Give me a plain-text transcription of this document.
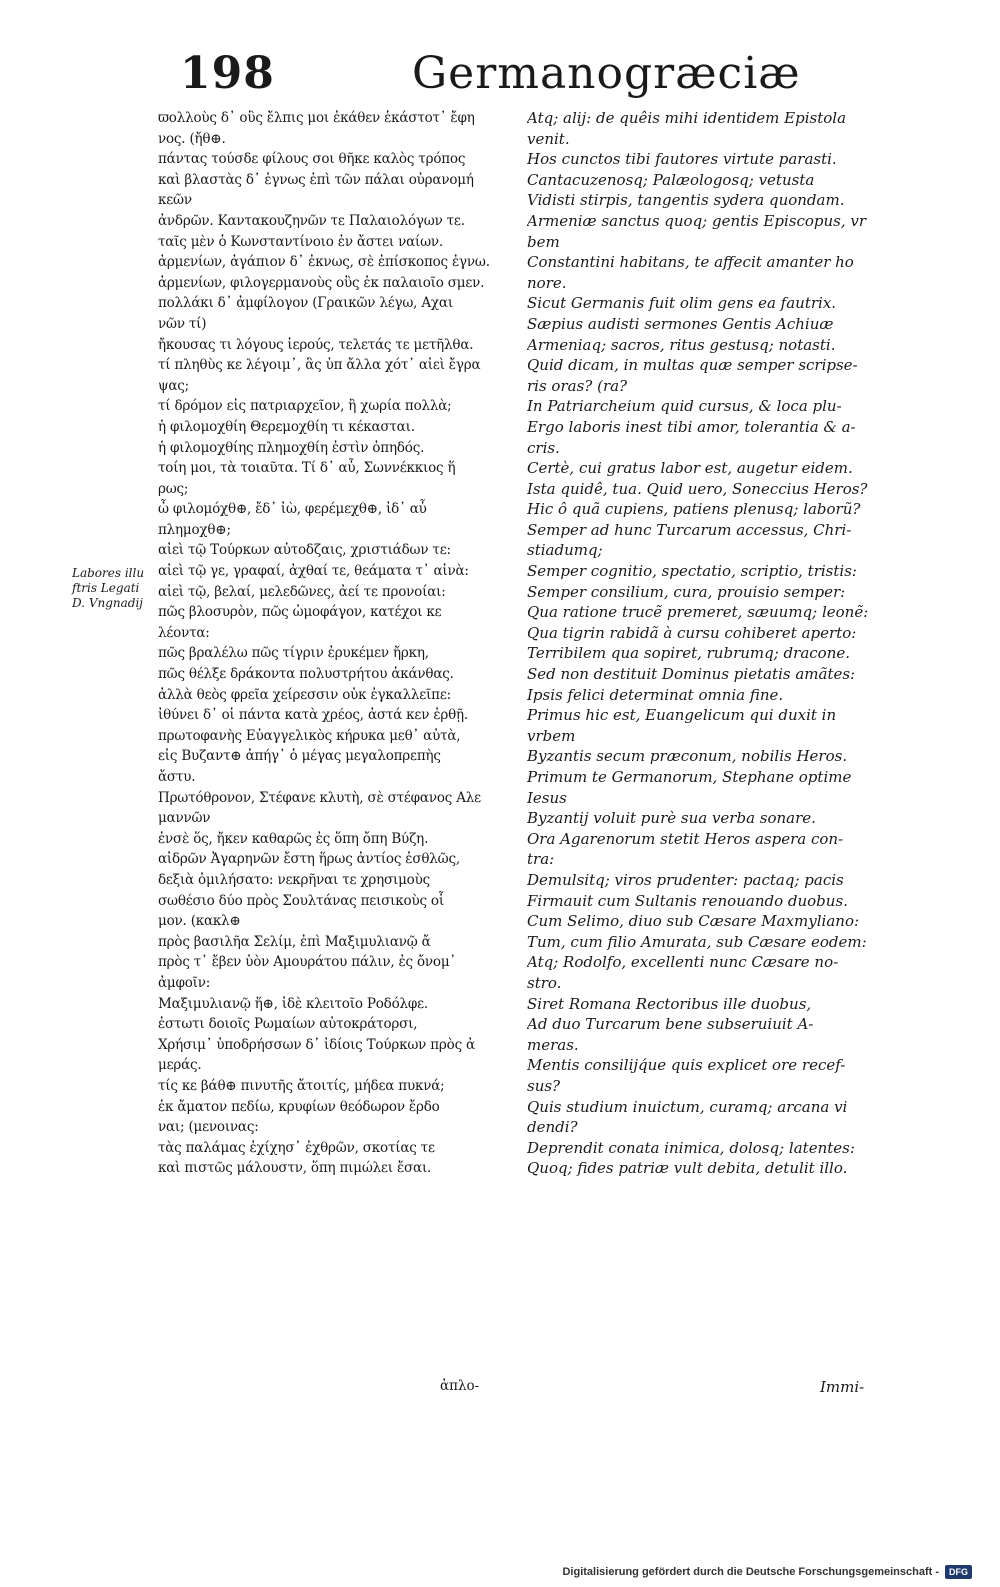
198	Germanogræciæ
Labores illu
ftris Legati
D. Vngnadij
ϖολλοὺς δ᾽ οὓς ἔλπις μοι ἐκάθεν ἑκάστοτ᾽ ἔφη
νος. (ἤθ⊕.
πάντας τούσδε φίλους σοι θῆκε καλὸς τρόπος
καὶ βλαστὰς δ᾽ ἐγνως ἐπὶ τῶν πάλαι οὐρανομή
κεῶν
ἀνδρῶν. Καντακουζηνῶν τε Παλαιολόγων τε.
ταῖς μὲν ὁ Κωνσταντίνοιο ἐν ἄστει ναίων.
ἀρμενίων, ἀγάπιον δ᾽ ἐκνως, σὲ ἐπίσκοπος ἐγνω.
ἀρμενίων, φιλογερμανοὺς οὓς ἐκ παλαιοῖο σμεν.
πολλάκι δ᾽ ἀμφίλογον (Γραικῶν λέγω, Αχαι
νῶν τί)
ἤκουσας τι λόγους ἱερούς, τελετάς τε μετῆλθα.
τί πληθὺς κε λέγοιμ᾽, ἃς ὑπ ἄλλα χότ᾽ αἰεὶ ἔγρα
ψας;
τί δρόμον εἰς πατριαρχεῖον, ἢ χωρία πολλὰ;
ἡ φιλομοχθίη Θερεμοχθίη τι κέκασται.
ἡ φιλομοχθίης πλημοχθίη ἐστὶν ὀπηδός.
τοίη μοι, τὰ τοιαῦτα. Τί δ᾽ αὖ, Σωννέκκιος ἥ
ρως;
ὦ φιλομόχθ⊕, ἔδ᾽ ἰὼ, φερέμεχθ⊕, ἰδ᾽ αὖ
πλημοχθ⊕;
αἰεὶ τῷ Τούρκων αὐτοδζαις, χριστιάδων τε:
αἰεὶ τῷ γε, γραφαί, ἀχθαί τε, θεάματα τ᾽ αἰνὰ:
αἰεὶ τῷ, βελαί, μελεδῶνες, ἀεί τε προνοίαι:
πῶς βλοσυρὸν, πῶς ὠμοφάγον, κατέχοι κε
λέοντα:
πῶς βραλέλω πῶς τίγριν ἐρυκέμεν ἤρκη,
πῶς θέλξε δράκοντα πολυστρήτου ἀκάνθας.
ἀλλὰ θεὸς φρεῖα χείρεσσιν οὐκ ἐγκαλλεῖπε:
ἰθύνει δ᾽ οἱ πάντα κατὰ χρέος, ἀστά κεν ἐρθῇ.
πρωτοφανὴς Εὐαγγελικὸς κήρυκα μεθ᾽ αὐτὰ,
εἰς Βυζαντ⊕ ἀπήγ᾽ ὁ μέγας μεγαλοπρεπὴς
ἄστυ.
Πρωτόθρονον, Στέφανε κλυτὴ, σὲ στέφανος Αλε
μαννῶν
ἐνσὲ ὅς, ἤκεν καθαρῶς ἐς ὅπη ὄπη Βύζη.
αἰδρῶν Ἀγαρηνῶν ἔστη ἥρως ἀντίος ἐσθλῶς,
δεξιὰ ὁμιλήσατο: νεκρῆναι τε χρησιμοὺς
σωθέσιο δύο πρὸς Σουλτάνας πεισικοὺς οἷ
μον. (κακλ⊕
πρὸς βασιλῆα Σελίμ, ἐπὶ Μαξιμυλιανῷ ἄ
πρὸς τ᾽ ἔβεν ὑὸν Αμουράτου πάλιν, ἐς ὄνομ᾽
ἀμφοῖν:
Μαξιμυλιανῷ ἥ⊕, ἰδὲ κλειτοῖο Ροδόλφε.
ἐστωτι δοιοῖς Ρωμαίων αὐτοκράτορσι,
Χρήσιμ᾽ ὑποδρήσσων δ᾽ ἰδίοις Τούρκων πρὸς ἀ
μεράς.
τίς κε βάθ⊕ πινυτῆς ἄτοιτίς, μήδεα πυκνά;
ἐκ ἄματον πεδίω, κρυφίων θεόδωρον ἔρδο
ναι; (μενοινας:
τὰς παλάμας ἐχίχησ᾽ ἐχθρῶν, σκοτίας τε
καὶ πιστῶς μάλουστν, ὅπη πιμώλει ἔσαι.
Atq; alij: de quêis mihi identidem Epistola
venit.
Hos cunctos tibi fautores virtute parasti.
Cantacuzenosq; Palæologosq; vetusta
Vidisti stirpis, tangentis sydera quondam.
Armeniæ sanctus quoq; gentis Episcopus, vr
bem
Constantini habitans, te affecit amanter ho
nore.
Sicut Germanis fuit olim gens ea fautrix.
Sæpius audisti sermones Gentis Achiuæ
Armeniaq; sacros, ritus gestusq; notasti.
Quid dicam, in multas quæ semper scripse-
ris oras? (ra?
In Patriarcheium quid cursus, & loca plu-
Ergo laboris inest tibi amor, tolerantia & a-
cris.
Certè, cui gratus labor est, augetur eidem.
Ista quidê, tua. Quid uero, Soneccius Heros?
Hic ô quã cupiens, patiens plenusq; laborũ?
Semper ad hunc Turcarum accessus, Chri-
stiadumq;
Semper cognitio, spectatio, scriptio, tristis:
Semper consilium, cura, prouisio semper:
Qua ratione trucẽ premeret, sæuumq; leonẽ:
Qua tigrin rabidã à cursu cohiberet aperto:
Terribilem qua sopiret, rubrumq; dracone.
Sed non destituit Dominus pietatis amãtes:
Ipsis felici determinat omnia fine.
Primus hic est, Euangelicum qui duxit in
vrbem
Byzantis secum præconum, nobilis Heros.
Primum te Germanorum, Stephane optime
Iesus
Byzantij voluit purè sua verba sonare.
Ora Agarenorum stetit Heros aspera con-
tra:
Demulsitq; viros prudenter: pactaq; pacis
Firmauit cum Sultanis renouando duobus.
Cum Selimo, diuo sub Cæsare Maxmyliano:
Tum, cum filio Amurata, sub Cæsare eodem:
Atq; Rodolfo, excellenti nunc Cæsare no-
stro.
Siret Romana Rectoribus ille duobus,
Ad duo Turcarum bene subseruiuit A-
meras.
Mentis consilijq́ue quis explicet ore recef-
sus?
Quis studium inuictum, curamq; arcana vi
dendi?
Deprendit conata inimica, dolosq; latentes:
Quoq; fides patriæ vult debita, detulit illo.
ἀπλο-	Immi-
Digitalisierung gefördert durch die Deutsche Forschungsgemeinschaft -	DFG
